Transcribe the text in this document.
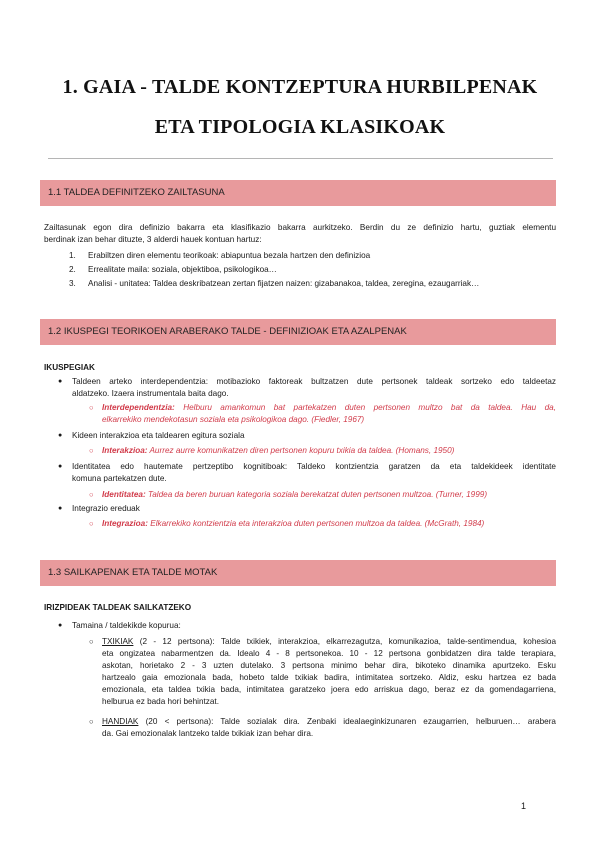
1. GAIA - TALDE KONTZEPTURA HURBILPENAK
ETA TIPOLOGIA KLASIKOAK
1.1 TALDEA DEFINITZEKO ZAILTASUNA
Zailtasunak egon dira definizio bakarra eta klasifikazio bakarra aurkitzeko. Berdin du ze definizio hartu, guztiak elementu
berdinak izan behar dituzte, 3 alderdi hauek kontuan hartuz:
1. Erabiltzen diren elementu teorikoak: abiapuntua bezala hartzen den definizioa
2. Errealitate maila: soziala, objektiboa, psikologikoa…
3. Analisi - unitatea: Taldea deskribatzean zertan fijatzen naizen: gizabanakoa, taldea, zeregina, ezaugarriak…
1.2 IKUSPEGI TEORIKOEN ARABERAKO TALDE - DEFINIZIOAK ETA AZALPENAK
IKUSPEGIAK
● Taldeen arteko interdependentzia: motibazioko faktoreak bultzatzen dute pertsonek taldeak sortzeko edo taldeetaz
aldatzeko. Izaera instrumentala baita dago.
○ Interdependentzia: Helburu amankomun bat partekatzen duten pertsonen multzo bat da taldea. Hau da,
elkarrekiko mendekotasun soziala eta psikologikoa dago. (Fiedler, 1967)
● Kideen interakzioa eta taldearen egitura soziala
○ Interakzioa: Aurrez aurre komunikatzen diren pertsonen kopuru txikia da taldea. (Homans, 1950)
● Identitatea edo hautemate pertzeptibo kognitiboak: Taldeko kontzientzia garatzen da eta taldekideek identitate
komuna partekatzen dute.
○ Identitatea: Taldea da beren buruan kategoria soziala berekatzat duten pertsonen multzoa. (Turner, 1999)
● Integrazio ereduak
○ Integrazioa: Elkarrekiko kontzientzia eta interakzioa duten pertsonen multzoa da taldea. (McGrath, 1984)
1.3 SAILKAPENAK ETA TALDE MOTAK
IRIZPIDEAK TALDEAK SAILKATZEKO
● Tamaina / taldekikde kopurua:
○ TXIKIAK (2 - 12 pertsona): Talde txikiek, interakzioa, elkarrezagutza, komunikazioa, talde-sentimendua, kohesioa
eta ongizatea nabarmentzen da. Idealo 4 - 8 pertsonekoa. 10 - 12 pertsona gonbidatzen dira talde terapiara,
askotan, horietako 2 - 3 uzten dutelako. 3 pertsona minimo behar dira, bikoteko dinamika apurtzeko. Esku
hartzealo gaia emozionala bada, hobeto talde txikiak badira, intimitatea sortzeko. Aldiz, esku hartzea ez bada
emozionala, eta taldea txikia bada, intimitatea garatzeko joera edo arriskua dago, beraz ez da gomendagarriena,
helburua ez bada hori behintzat.
○ HANDIAK (20 < pertsona): Talde sozialak dira. Zenbaki idealaeginkizunaren ezaugarrien, helburuen… arabera
da. Gai emozionalak lantzeko talde txikiak izan behar dira.
1
